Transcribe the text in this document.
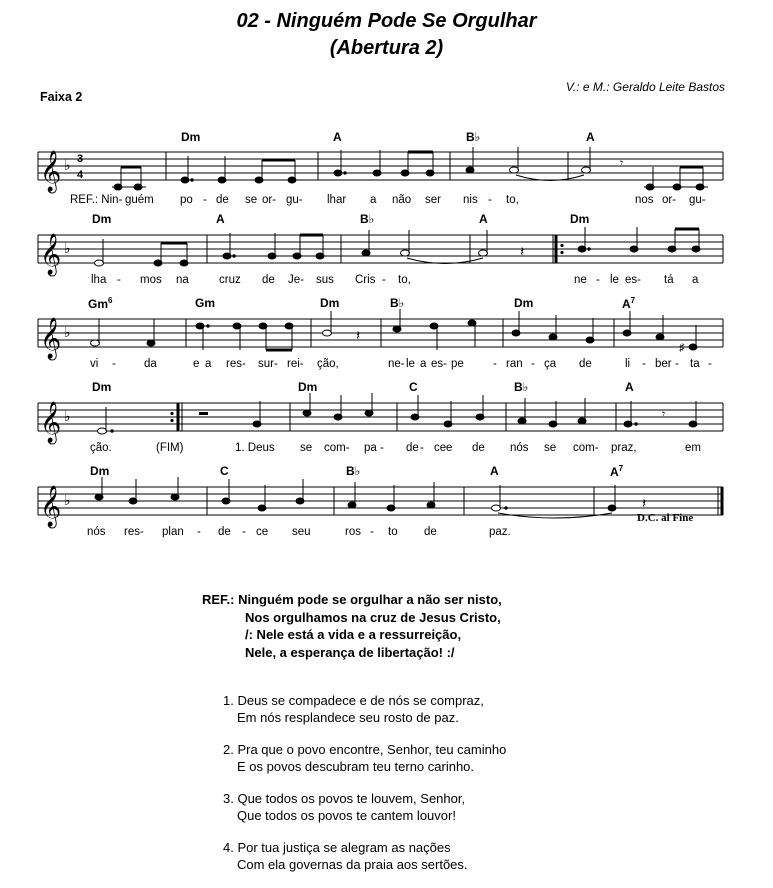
02 - Ninguém Pode Se Orgulhar
(Abertura 2)
V.: e M.: Geraldo Leite Bastos
Faixa 2
Dm	A	B♭	A
𝄞 ♭ 3
4
𝄾
REF.: Nin- guém po - de se or- gu- lhar a não ser nis - to,	nos or- gu-
Dm	A	B♭	A	Dm
𝄞 ♭	𝄽
lha - mos na	cruz de Je- sus Cris - to,	ne - le es- tá a
Gm$^6$	Gm	Dm	B♭	Dm	$A^7$
𝄞 ♭	𝄽
♯
vi - da	e a res- sur- rei- ção,	ne- le a es- pe	- ran - ça de	li - ber - ta -
Dm	Dm	C	B♭	A
𝄞 ♭	𝄾
ção.	(FIM)	1. Deus se com- pa - de - ce e de nós se com- praz,	em
Dm	C	B♭	A	$A^7$
𝄞 ♭	𝄽
D.C. al Fine
nós res- plan - de - ce seu	ros - to de	paz.
REF.: Ninguém pode se orgulhar a não ser nisto,
Nos orgulhamos na cruz de Jesus Cristo,
/: Nele está a vida e a ressurreição,
Nele, a esperança de libertação! :/
1. Deus se compadece e de nós se compraz,
Em nós resplandece seu rosto de paz.
2. Pra que o povo encontre, Senhor, teu caminho
E os povos descubram teu terno carinho.
3. Que todos os povos te louvem, Senhor,
Que todos os povos te cantem louvor!
4. Por tua justiça se alegram as nações
Com ela governas da praia aos sertões.
